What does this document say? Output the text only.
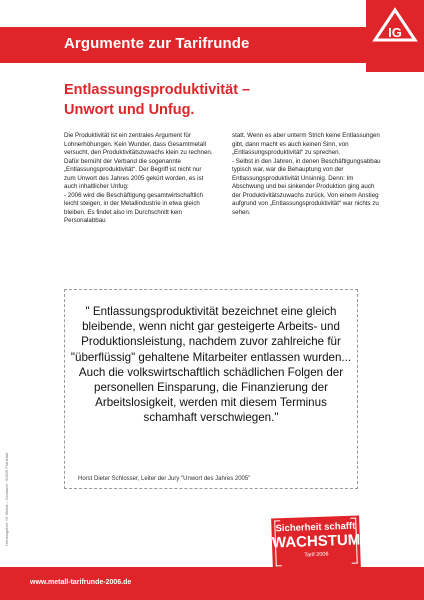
Argumente zur Tarifrunde
IG
Entlassungsproduktivität –
Unwort und Unfug.

Die Produktivität ist ein zentrales Argument für Lohnerhöhungen. Kein Wunder, dass Gesamtmetall versucht, den Produktivitätszuwachs klein zu rechnen. Dafür bemüht der Verband die sogenannte „Entlassungsproduktivität“. Der Begriff ist nicht nur zum Unwort des Jahres 2005 gekürt worden, es ist auch inhaltlicher Unfug:

- 2006 wird die Beschäftigung gesamtwirtschaftlich leicht steigen, in der Metallindustrie in etwa gleich bleiben. Es findet also im Durchschnitt kein Personalabbau

statt. Wenn es aber unterm Strich keine Entlassungen gibt, dann macht es auch keinen Sinn, von „Entlassungsproduktivität“ zu sprechen.

- Selbst in den Jahren, in denen Beschäftigungsabbau typisch war, war die Behauptung von der Entlassungsproduktivität Unsinnig. Denn: Im Abschwung und bei sinkender Produktion ging auch der Produktivitätszuwachs zurück. Von einem Anstieg aufgrund von „Entlassungsproduktivität“ war nichts zu sehen.

" Entlassungsproduktivität bezeichnet eine gleich bleibende, wenn nicht gar gesteigerte Arbeits- und Produktionsleistung, nachdem zuvor zahlreiche für "überflüssig" gehaltene Mitarbeiter entlassen wurden... Auch die volkswirtschaftlich schädlichen Folgen der personellen Einsparung, die Finanzierung der Arbeitslosigkeit, werden mit diesem Terminus schamhaft verschwiegen."
Horst Dieter Schlosser, Leiter der Jury "Unwort des Jahres 2005"
Herausgeber: IG Metall – Vorstand · 60519 Frankfurt
www.metall-tarifrunde-2006.de
Sicherheit schafft
WACHSTUM!
Tarif 2006
